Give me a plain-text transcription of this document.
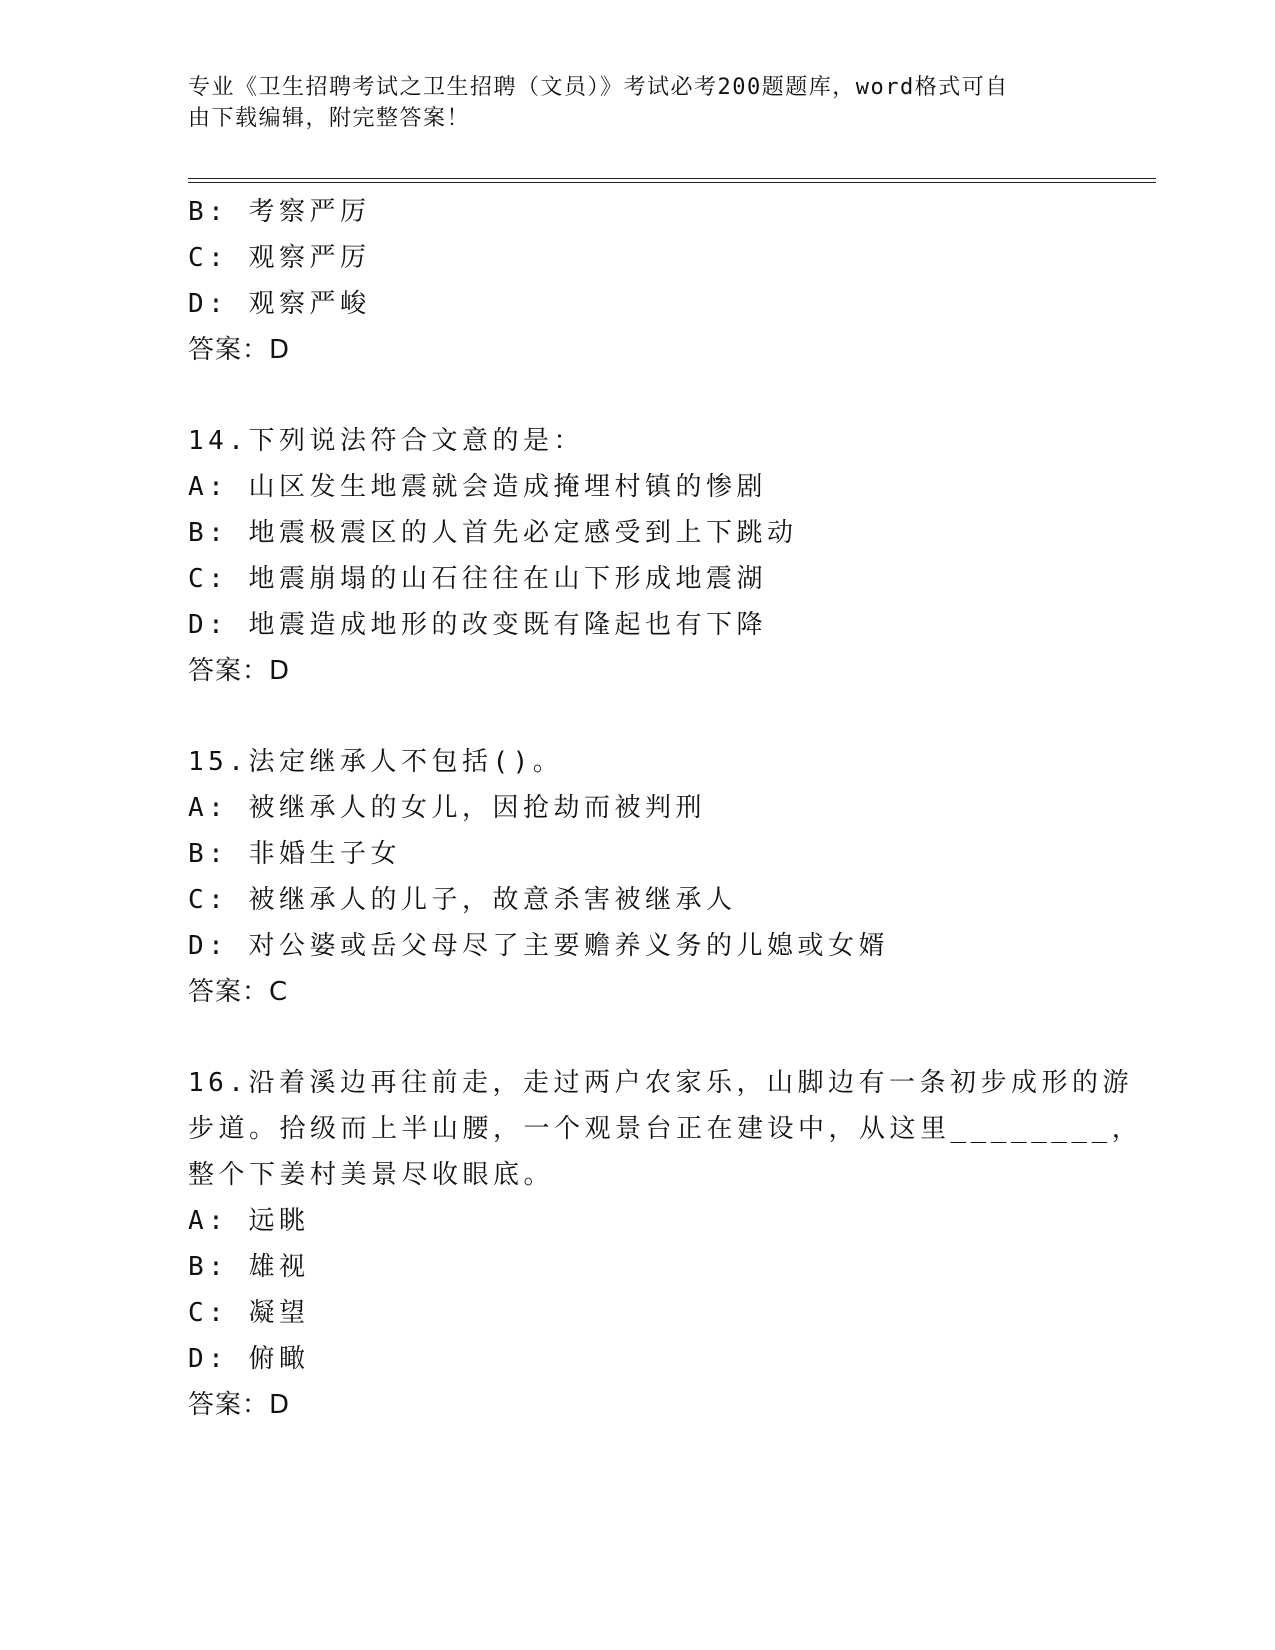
专业《卫生招聘考试之卫生招聘（文员）》考试必考200题题库，word格式可自
由下载编辑，附完整答案！
B: 考察严厉
C: 观察严厉
D: 观察严峻
答案：D
14.下列说法符合文意的是：
A: 山区发生地震就会造成掩埋村镇的惨剧
B: 地震极震区的人首先必定感受到上下跳动
C: 地震崩塌的山石往往在山下形成地震湖
D: 地震造成地形的改变既有隆起也有下降
答案：D
15.法定继承人不包括()。
A: 被继承人的女儿，因抢劫而被判刑
B: 非婚生子女
C: 被继承人的儿子，故意杀害被继承人
D: 对公婆或岳父母尽了主要赡养义务的儿媳或女婿
答案：C
16.沿着溪边再往前走，走过两户农家乐，山脚边有一条初步成形的游
步道。拾级而上半山腰，一个观景台正在建设中，从这里________，
整个下姜村美景尽收眼底。
A: 远眺
B: 雄视
C: 凝望
D: 俯瞰
答案：D
